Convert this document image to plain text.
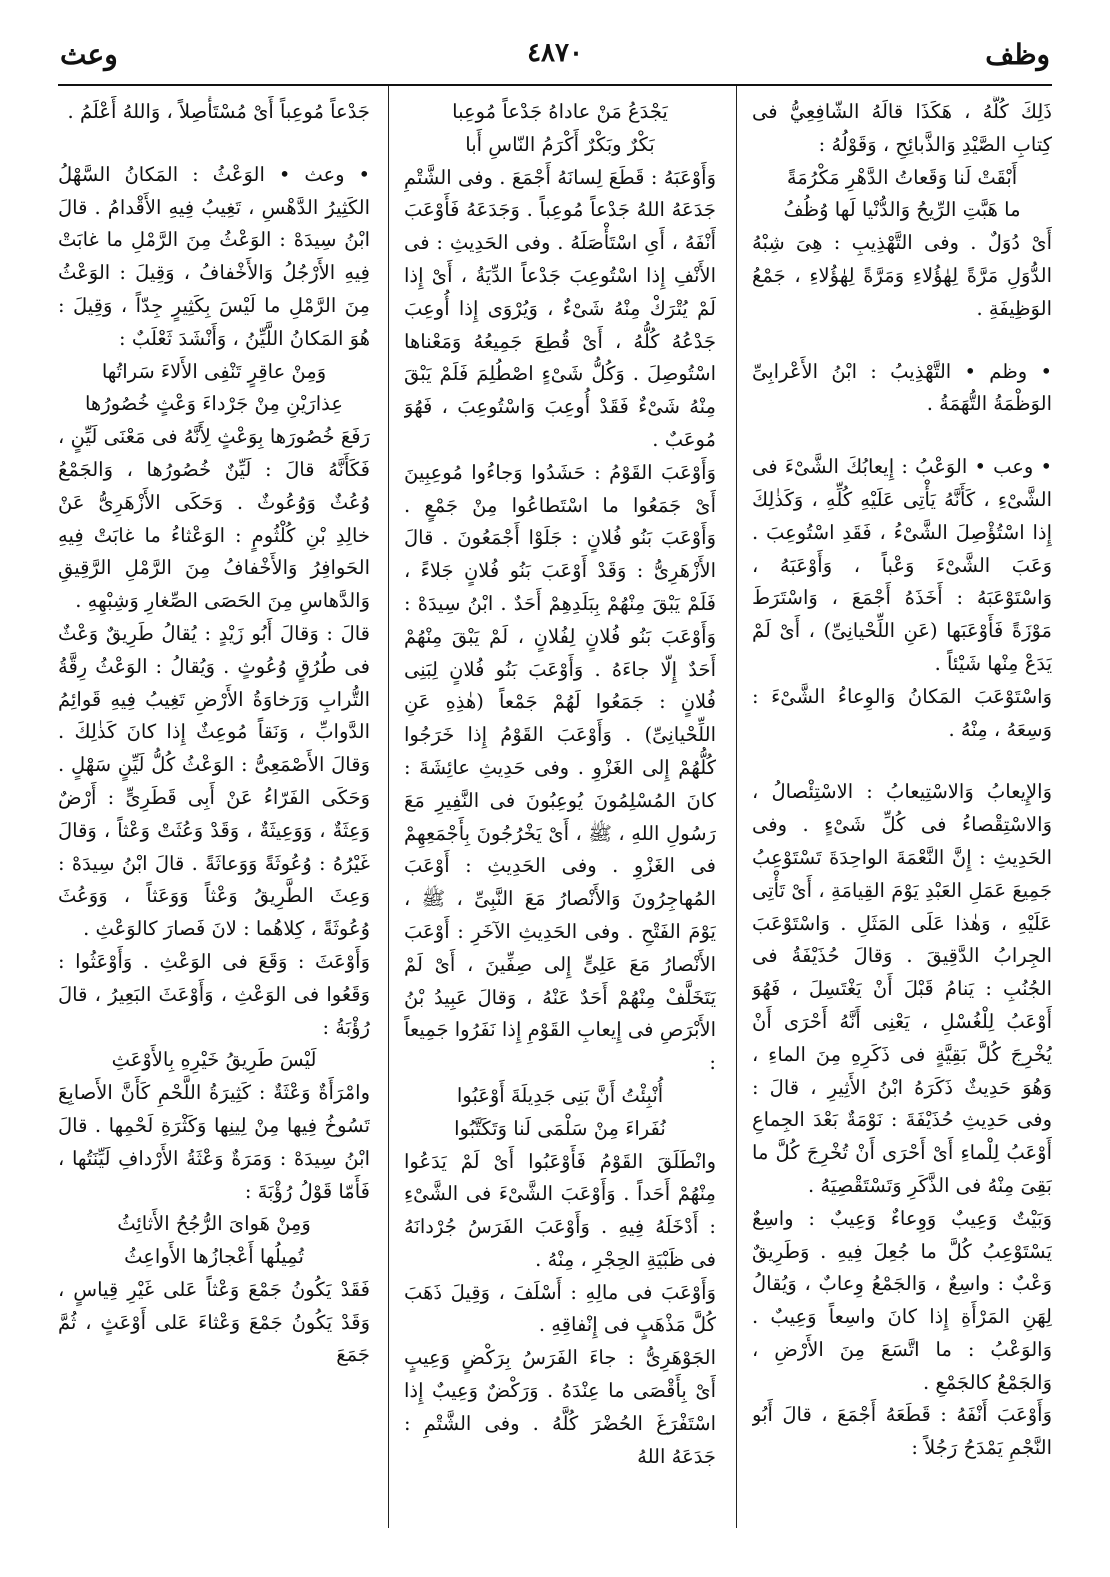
وظف
٤٨٧٠
وعث

ذَلِكَ كُلُّهُ ، هَكَذَا قالَهُ الشّافِعِيُّ فى كِتابِ الصَّيْدِ وَالذَّبائِحِ ، وَقَوْلُهُ :

أَبْقَتْ لَنا وَقَعاتُ الدَّهْرِ مَكْرُمَةً

ما هَبَّتِ الرِّيحُ وَالدُّنْيا لَها وُظُفُ

أَىْ دُوَلٌ . وفى التَّهْذِيبِ : هِىَ شِبْهُ الدُّوَلِ مَرَّةً لِهٰؤُلاءِ وَمَرَّةً لِهٰؤُلاءِ ، جَمْعُ الوَظِيفَةِ .

• وظم • التَّهْذِيبُ : ابْنُ الأَعْرابِىِّ الوَظْمَةُ التُّهَمَةُ .

• وعب • الوَعْبُ : إِيعابُكَ الشَّىْءَ فى الشَّىْءِ ، كَأَنَّهُ يَأْتِى عَلَيْهِ كُلِّهِ ، وَكَذٰلِكَ إِذا اسْتُؤْصِلَ الشَّىْءُ ، فَقَدِ اسْتُوعِبَ . وَعَبَ الشَّىْءَ وَعْباً ، وَأَوْعَبَهُ ، وَاسْتَوْعَبَهُ : أَخَذَهُ أَجْمَعَ ، وَاسْتَرَطَ مَوْزَةً فَأَوْعَبَها (عَنِ اللِّحْيانِىِّ) ، أَىْ لَمْ يَدَعْ مِنْها شَيْئاً .

وَاسْتَوْعَبَ المَكانُ وَالوِعاءُ الشَّىْءَ : وَسِعَهُ ، مِنْهُ .

وَالإِيعابُ وَالاسْتِيعابُ : الاسْتِئْصالُ ، وَالاسْتِقْصاءُ فى كُلِّ شَىْءٍ . وفى الحَدِيثِ : إِنَّ النَّعْمَةَ الواحِدَةَ تَسْتَوْعِبُ جَمِيعَ عَمَلِ العَبْدِ يَوْمَ القِيامَةِ ، أَىْ تَأْتِى عَلَيْهِ ، وَهٰذا عَلَى المَثَلِ . وَاسْتَوْعَبَ الجِرابُ الدَّقِيقَ . وَقالَ حُذَيْفَةُ فى الجُنُبِ : يَنامُ قَبْلَ أَنْ يَغْتَسِلَ ، فَهُوَ أَوْعَبُ لِلْغُسْلِ ، يَعْنِى أَنَّهُ أَحْرَى أَنْ يُخْرِجَ كُلَّ بَقِيَّةٍ فى ذَكَرِهِ مِنَ الماءِ ، وَهُوَ حَدِيثٌ ذَكَرَهُ ابْنُ الأَثِيرِ ، قالَ : وفى حَدِيثِ حُذَيْفَةَ : نَوْمَةٌ بَعْدَ الجِماعِ أَوْعَبُ لِلْماءِ أَىْ أَحْرَى أَنْ تُخْرِجَ كُلَّ ما بَقِىَ مِنْهُ فى الذَّكَرِ وَتَسْتَقْصِيَهُ .

وَبَيْتٌ وَعِيبٌ وَوِعاءٌ وَعِيبٌ : واسِعٌ يَسْتَوْعِبُ كُلَّ ما جُعِلَ فِيهِ . وَطَرِيقٌ وَعْبٌ : واسِعٌ ، وَالجَمْعُ وِعابٌ ، وَيُقالُ لِهَنِ المَرْأَةِ إِذا كانَ واسِعاً وَعِيبٌ . وَالوَعْبُ : ما اتَّسَعَ مِنَ الأَرْضِ ، وَالجَمْعُ كالجَمْعِ .

وَأَوْعَبَ أَنْفَهُ : قَطَعَهُ أَجْمَعَ ، قالَ أَبُو النَّجْمِ يَمْدَحُ رَجُلاً :

يَجْدَعُ مَنْ عاداهُ جَدْعاً مُوعِبا

بَكْرٌ وبَكْرٌ أَكْرَمُ النّاسِ أَبا

وَأَوْعَبَهُ : قَطَعَ لِسانَهُ أَجْمَعَ . وفى الشَّتْمِ جَدَعَهُ اللهُ جَدْعاً مُوعِباً . وَجَدَعَهُ فَأَوْعَبَ أَنْفَهُ ، أَىِ اسْتَأْصَلَهُ . وفى الحَدِيثِ : فى الأَنْفِ إِذا اسْتُوعِبَ جَدْعاً الدِّيَةُ ، أَىْ إِذا لَمْ يُتْرَكْ مِنْهُ شَىْءٌ ، وَيُرْوَى إِذا أُوعِبَ جَدْعُهُ كُلُّهُ ، أَىْ قُطِعَ جَمِيعُهُ وَمَعْناها اسْتُوصِلَ . وَكُلُّ شَىْءٍ اصْطُلِمَ فَلَمْ يَبْقَ مِنْهُ شَىْءٌ فَقَدْ أُوعِبَ وَاسْتُوعِبَ ، فَهُوَ مُوعَبٌ .

وَأَوْعَبَ القَوْمُ : حَشَدُوا وَجاءُوا مُوعِبِينَ أَىْ جَمَعُوا ما اسْتَطاعُوا مِنْ جَمْعٍ . وَأَوْعَبَ بَنُو فُلانٍ : جَلَوْا أَجْمَعُونَ . قالَ الأَزْهَرِىُّ : وَقَدْ أَوْعَبَ بَنُو فُلانٍ جَلاءً ، فَلَمْ يَبْقَ مِنْهُمْ بِبَلَدِهِمْ أَحَدٌ . ابْنُ سِيدَهْ : وَأَوْعَبَ بَنُو فُلانٍ لِفُلانٍ ، لَمْ يَبْقَ مِنْهُمْ أَحَدٌ إِلّا جاءَهُ . وَأَوْعَبَ بَنُو فُلانٍ لِبَنِى فُلانٍ : جَمَعُوا لَهُمْ جَمْعاً (هٰذِهِ عَنِ اللِّحْيانِىِّ) . وَأَوْعَبَ القَوْمُ إِذا خَرَجُوا كُلُّهُمْ إِلى الغَزْوِ . وفى حَدِيثِ عائِشَةَ : كانَ المُسْلِمُونَ يُوعِبُونَ فى النَّفِيرِ مَعَ رَسُولِ اللهِ ، ﷺ ، أَىْ يَخْرُجُونَ بِأَجْمَعِهِمْ فى الغَزْوِ . وفى الحَدِيثِ : أَوْعَبَ المُهاجِرُونَ وَالأَنْصارُ مَعَ النَّبِىِّ ، ﷺ ، يَوْمَ الفَتْحِ . وفى الحَدِيثِ الآخَرِ : أَوْعَبَ الأَنْصارُ مَعَ عَلِىٍّ إِلى صِفِّينَ ، أَىْ لَمْ يَتَخَلَّفْ مِنْهُمْ أَحَدٌ عَنْهُ ، وَقالَ عَبِيدُ بْنُ الأَبْرَصِ فى إِيعابِ القَوْمِ إِذا نَفَرُوا جَمِيعاً :

أُنْبِئْتُ أَنَّ بَنِى جَدِيلَةَ أَوْعَبُوا

نُفَراءَ مِنْ سَلْمَى لَنا وَتَكَتَّبُوا

وانْطَلَقَ القَوْمُ فَأَوْعَبُوا أَىْ لَمْ يَدَعُوا مِنْهُمْ أَحَداً . وَأَوْعَبَ الشَّىْءَ فى الشَّىْءِ : أَدْخَلَهُ فِيهِ . وَأَوْعَبَ الفَرَسُ جُرْدانَهُ فى ظَبْيَةِ الحِجْرِ ، مِنْهُ .

وَأَوْعَبَ فى مالِهِ : أَسْلَفَ ، وَقِيلَ ذَهَبَ كُلَّ مَذْهَبٍ فى إِنْفاقِهِ .

الجَوْهَرِىُّ : جاءَ الفَرَسُ بِرَكْضٍ وَعِيبٍ أَىْ بِأَقْصَى ما عِنْدَهُ . وَرَكْضٌ وَعِيبٌ إِذا اسْتَفْرَغَ الحُضْرَ كُلَّهُ . وفى الشَّتْمِ : جَدَعَهُ اللهُ

جَدْعاً مُوعِباً أَىْ مُسْتَأْصِلاً ، وَاللهُ أَعْلَمُ .

• وعث • الوَعْثُ : المَكانُ السَّهْلُ الكَثِيرُ الدَّهْسِ ، تَغِيبُ فِيهِ الأَقْدامُ . قالَ ابْنُ سِيدَهْ : الوَعْثُ مِنَ الرَّمْلِ ما غابَتْ فِيهِ الأَرْجُلُ وَالأَخْفافُ ، وَقِيلَ : الوَعْثُ مِنَ الرَّمْلِ ما لَيْسَ بِكَثِيرٍ جِدّاً ، وَقِيلَ : هُوَ المَكانُ اللَّيِّنُ ، وَأَنْشَدَ ثَعْلَبٌ :

وَمِنْ عاقِرٍ تَنْفِى الأَلاءَ سَراتُها

عِذارَيْنِ مِنْ جَرْداءَ وَعْثٍ خُصُورُها

رَفَعَ خُصُورَها بِوَعْثٍ لِأَنَّهُ فى مَعْنَى لَيِّنٍ ، فَكَأَنَّهُ قالَ : لَيِّنٌ خُصُورُها ، وَالجَمْعُ وُعُثٌ وَوُعُوثٌ . وَحَكَى الأَزْهَرِىُّ عَنْ خالِدِ بْنِ كُلْثُومٍ : الوَعْثاءُ ما غابَتْ فِيهِ الحَوافِرُ وَالأَخْفافُ مِنَ الرَّمْلِ الرَّقِيقِ وَالدَّهاسِ مِنَ الحَصَى الصِّغارِ وَشِبْهِهِ .

قالَ : وَقالَ أَبُو زَيْدٍ : يُقالُ طَرِيقٌ وَعْثٌ فى طُرُقٍ وُعُوثٍ . وَيُقالُ : الوَعْثُ رِقَّةُ التُّرابِ وَرَخاوَةُ الأَرْضِ تَغِيبُ فِيهِ قَوائِمُ الدَّوابِّ ، وَنَقاً مُوعِثٌ إِذا كانَ كَذٰلِكَ . وَقالَ الأَصْمَعِىُّ : الوَعْثُ كُلُّ لَيِّنٍ سَهْلٍ . وَحَكَى الفَرّاءُ عَنْ أَبِى قَطَرِىٍّ : أَرْضٌ وَعِثَةٌ ، وَوَعِيثَةٌ ، وَقَدْ وَعُثَتْ وَعْثاً ، وَقالَ غَيْرُهُ : وُعُوثَةً وَوَعاثَةً . قالَ ابْنُ سِيدَهْ : وَعِثَ الطَّرِيقُ وَعْثاً وَوَعَثاً ، وَوَعُثَ وُعُوثَةً ، كِلاهُما : لانَ فَصارَ كالوَعْثِ .

وَأَوْعَثَ : وَقَعَ فى الوَعْثِ . وَأَوْعَثُوا : وَقَعُوا فى الوَعْثِ ، وَأَوْعَثَ البَعِيرُ ، قالَ رُؤْبَةُ :

لَيْسَ طَرِيقُ خَيْرِهِ بِالأَوْعَثِ

وامْرَأَةٌ وَعْثَةٌ : كَثِيرَةُ اللَّحْمِ كَأَنَّ الأَصابِعَ تَسُوخُ فِيها مِنْ لِينِها وَكَثْرَةِ لَحْمِها . قالَ ابْنُ سِيدَهْ : وَمَرَةٌ وَعْثَةُ الأَرْدافِ لَيِّنَتُها ، فَأَمّا قَوْلُ رُؤْبَةَ :

وَمِنْ هَواىَ الرُّجُحُ الأَثائِثُ

تُمِيلُها أَعْجازُها الأَواعِثُ

فَقَدْ يَكُونُ جَمْعَ وَعْثاً عَلى غَيْرِ قِياسٍ ، وَقَدْ يَكُونُ جَمْعَ وَعْثاءَ عَلى أَوْعَثٍ ، ثُمَّ جَمَعَ
